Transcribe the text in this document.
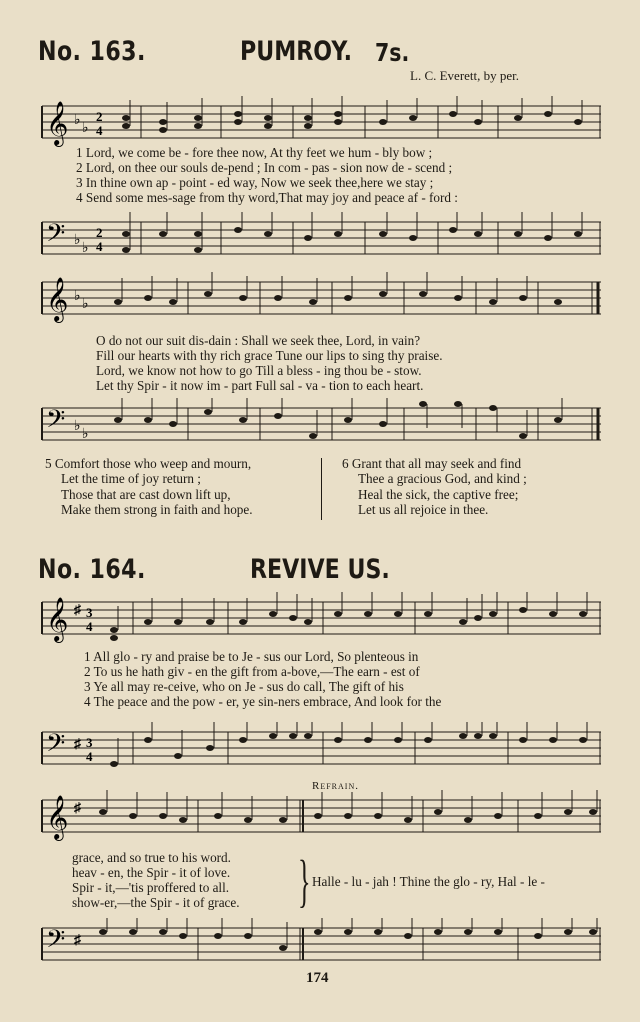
No. 163.	PUMROY. 7s.
L. C. Everett, by per.
𝄞 ♭
♭
2
4
1 Lord, we come be - fore thee now, At thy feet we hum - bly bow ;
2 Lord, on thee our souls de-pend ; In com - pas - sion now de - scend ;
3 In thine own ap - point - ed way, Now we seek thee,here we stay ;
4 Send some mes-sage from thy word,That may joy and peace af - ford :
𝄢 ♭
♭
2
4
𝄞 ♭
♭
O do not our suit dis-dain : Shall we seek thee, Lord, in vain?
Fill our hearts with thy rich grace Tune our lips to sing thy praise.
Lord, we know not how to go Till a bless - ing thou be - stow.
Let thy Spir - it now im - part Full sal - va - tion to each heart.
𝄢 ♭
♭
5 Comfort those who weep and mourn,
Let the time of joy return ;
Those that are cast down lift up,
Make them strong in faith and hope.
6 Grant that all may seek and find
Thee a gracious God, and kind ;
Heal the sick, the captive free;
Let us all rejoice in thee.
No. 164.	REVIVE US.
𝄞 ♯ 3
4
1 All glo - ry and praise be to Je - sus our Lord, So plenteous in
2 To us he hath giv - en the gift from a-bove,—The earn - est of
3 Ye all may re-ceive, who on Je - sus do call, The gift of his
4 The peace and the pow - er, ye sin-ners embrace, And look for the
𝄢 ♯ 3
4
Refrain.
𝄞 ♯
grace, and so true to his word.
heav - en, the Spir - it of love.
Spir - it,—'tis proffered to all.
show-er,—the Spir - it of grace. } Halle - lu - jah ! Thine the glo - ry, Hal - le -
𝄢 ♯
174
